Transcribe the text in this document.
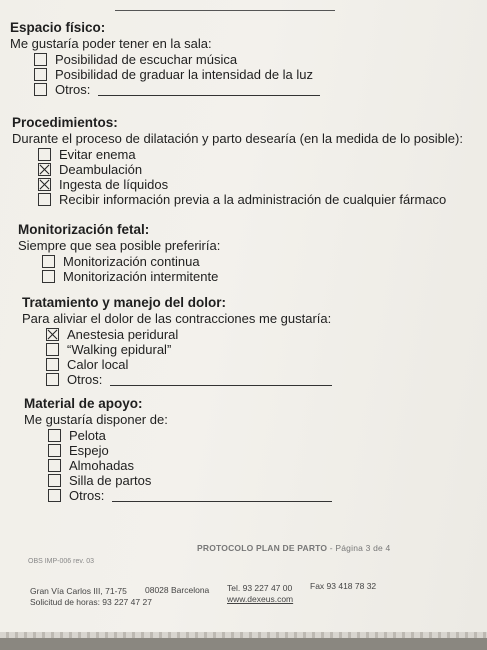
Espacio físico:

Me gustaría poder tener en la sala:
Posibilidad de escuchar música
Posibilidad de graduar la intensidad de la luz
Otros:

Procedimientos:

Durante el proceso de dilatación y parto desearía (en la medida de lo posible):
Evitar enema
Deambulación
Ingesta de líquidos
Recibir información previa a la administración de cualquier fármaco

Monitorización fetal:

Siempre que sea posible preferiría:
Monitorización continua
Monitorización intermitente

Tratamiento y manejo del dolor:

Para aliviar el dolor de las contracciones me gustaría:
Anestesia peridural
“Walking epidural”
Calor local
Otros:

Material de apoyo:

Me gustaría disponer de:
Pelota
Espejo
Almohadas
Silla de partos
Otros:
PROTOCOLO PLAN DE PARTO - Página 3 de 4
OBS IMP-006 rev. 03
Gran Vía Carlos III, 71-75 08028 Barcelona Tel. 93 227 47 00 Fax 93 418 78 32
Solicitud de horas: 93 227 47 27	www.dexeus.com
